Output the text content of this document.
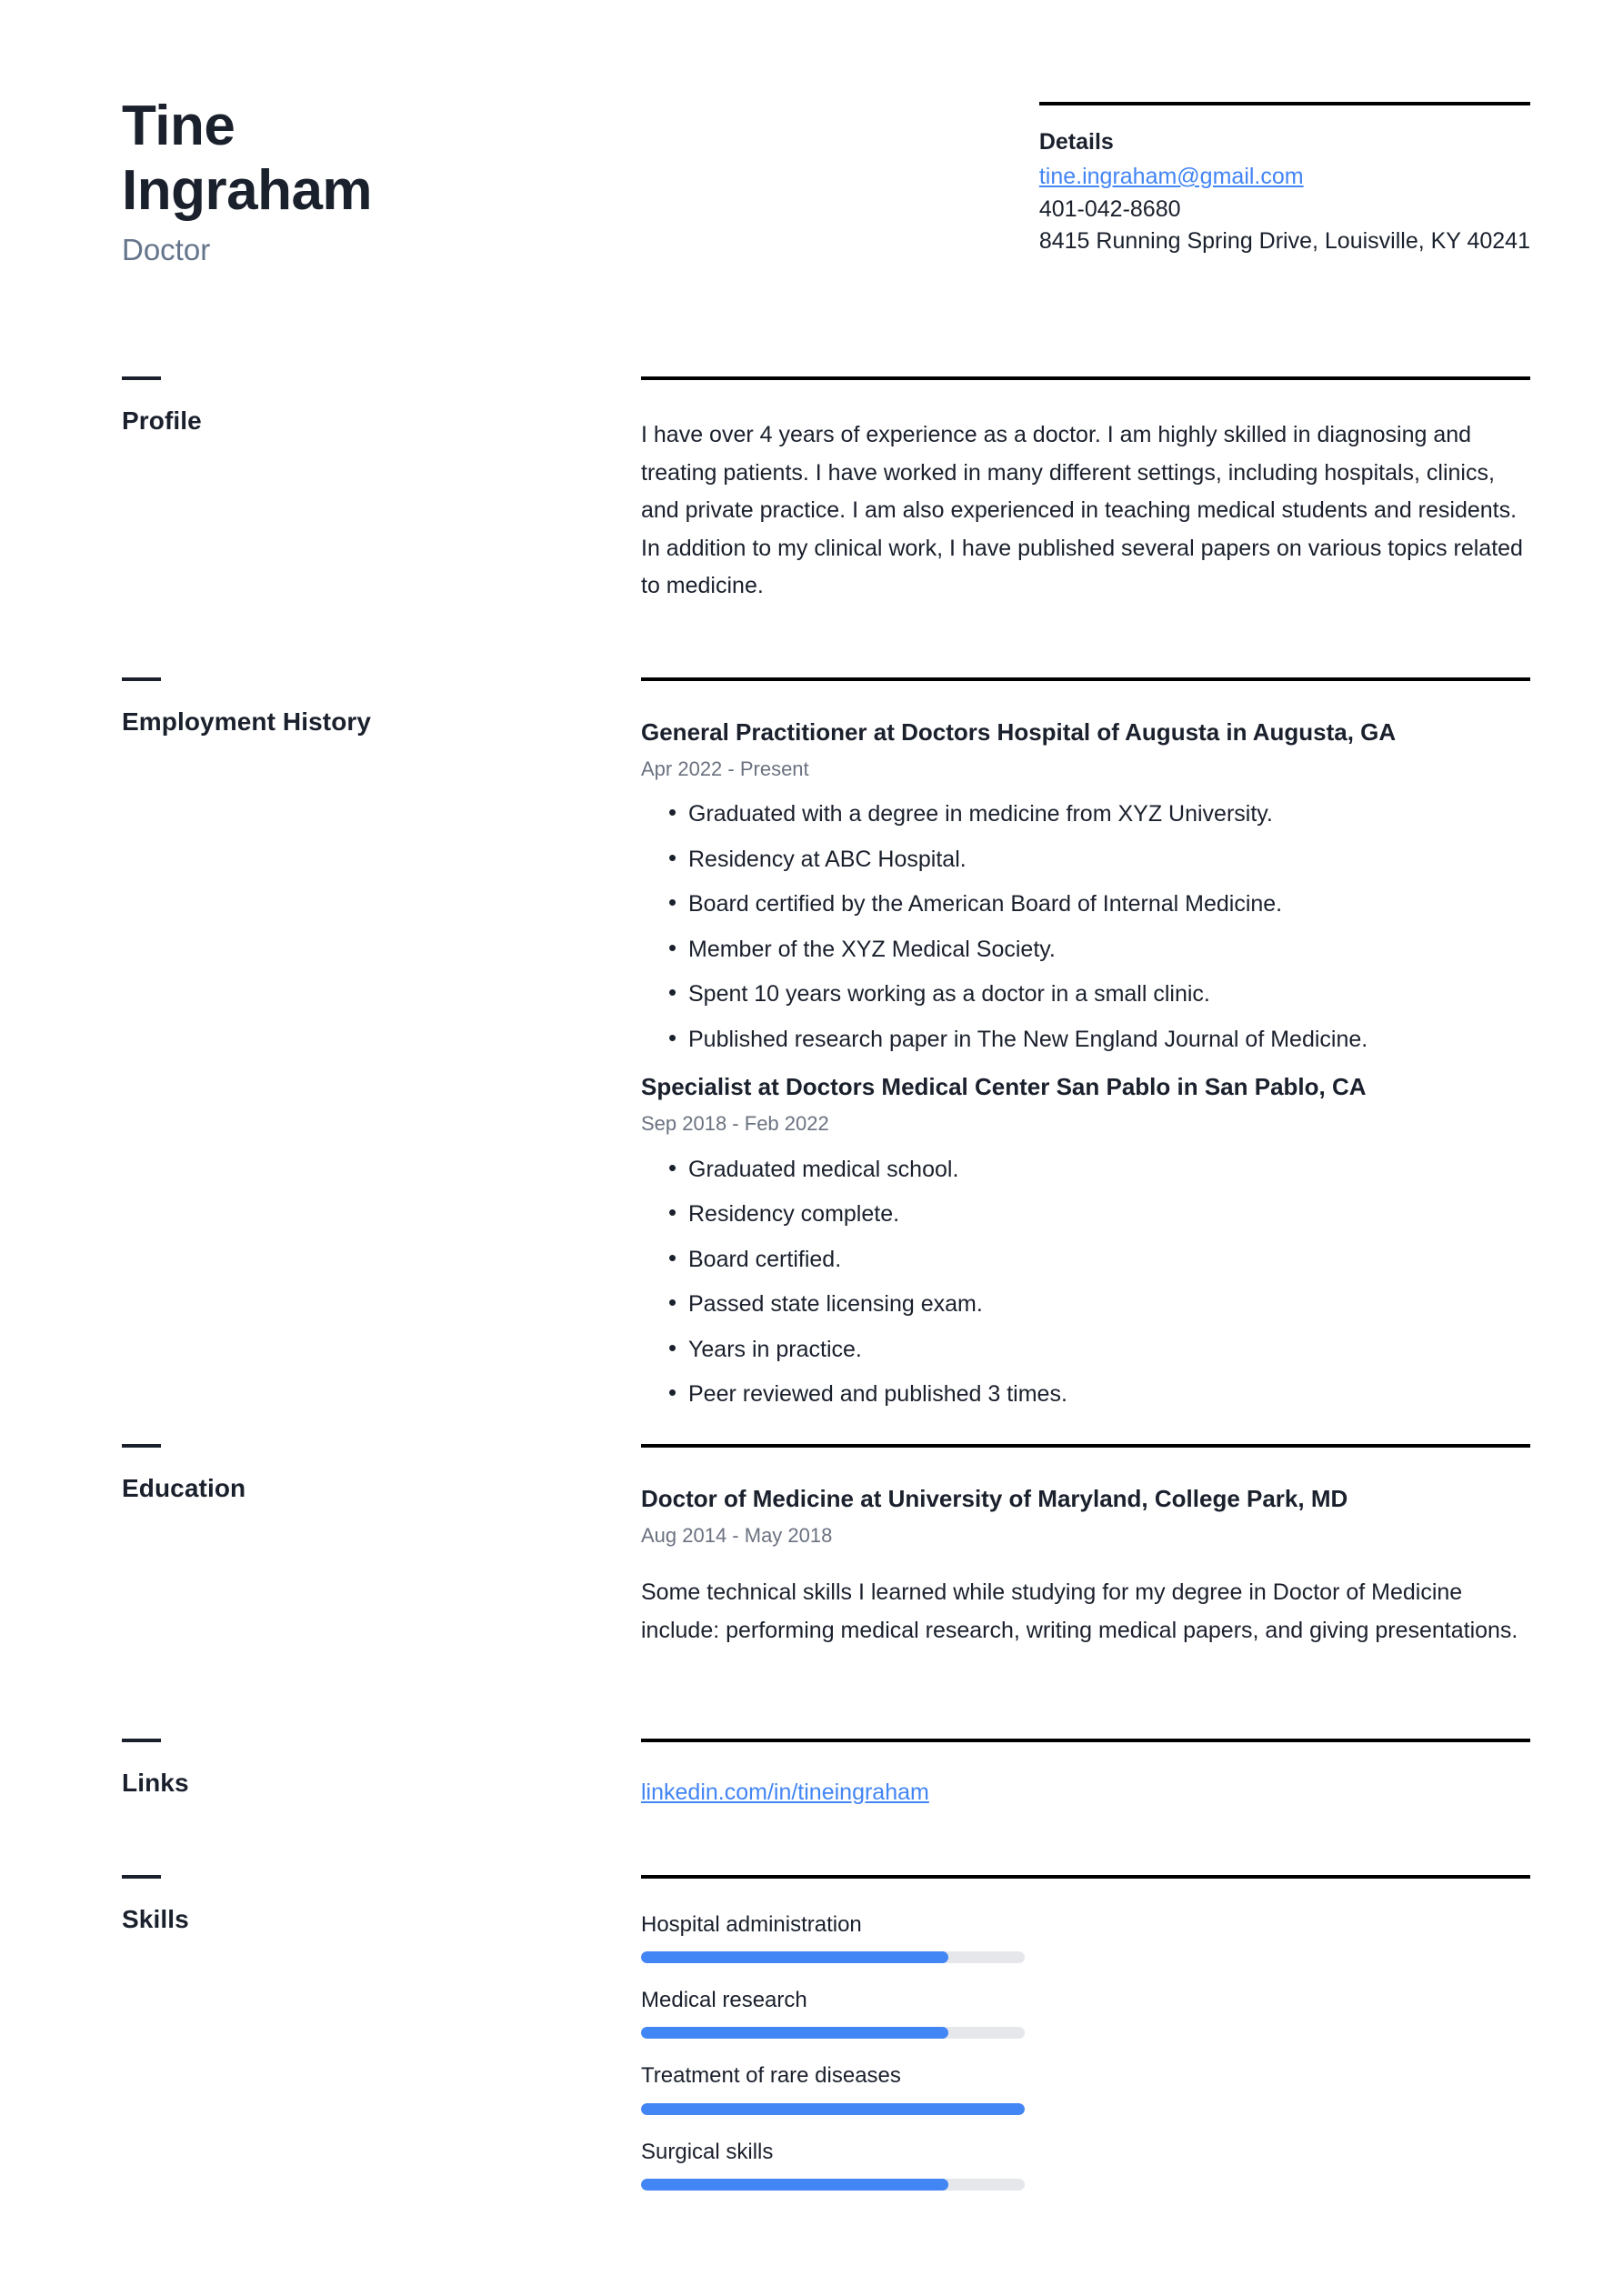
Tine
Ingraham
Doctor
Details
tine.ingraham@gmail.com
401-042-8680
8415 Running Spring Drive, Louisville, KY 40241
Profile	I have over 4 years of experience as a doctor. I am highly skilled in diagnosing and treating patients. I have worked in many different settings, including hospitals, clinics, and private practice. I am also experienced in teaching medical students and residents. In addition to my clinical work, I have published several papers on various topics related to medicine.

Employment History	General Practitioner at Doctors Hospital of Augusta in Augusta, GA
Apr 2022 - Present
• Graduated with a degree in medicine from XYZ University.
• Residency at ABC Hospital.
• Board certified by the American Board of Internal Medicine.
• Member of the XYZ Medical Society.
• Spent 10 years working as a doctor in a small clinic.
• Published research paper in The New England Journal of Medicine.
Specialist at Doctors Medical Center San Pablo in San Pablo, CA
Sep 2018 - Feb 2022
• Graduated medical school.
• Residency complete.
• Board certified.
• Passed state licensing exam.
• Years in practice.
• Peer reviewed and published 3 times.
Education	Doctor of Medicine at University of Maryland, College Park, MD
Aug 2014 - May 2018

Some technical skills I learned while studying for my degree in Doctor of Medicine include: performing medical research, writing medical papers, and giving presentations.

Links	linkedin.com/in/tineingraham
Skills	Hospital administration
Medical research
Treatment of rare diseases
Surgical skills
